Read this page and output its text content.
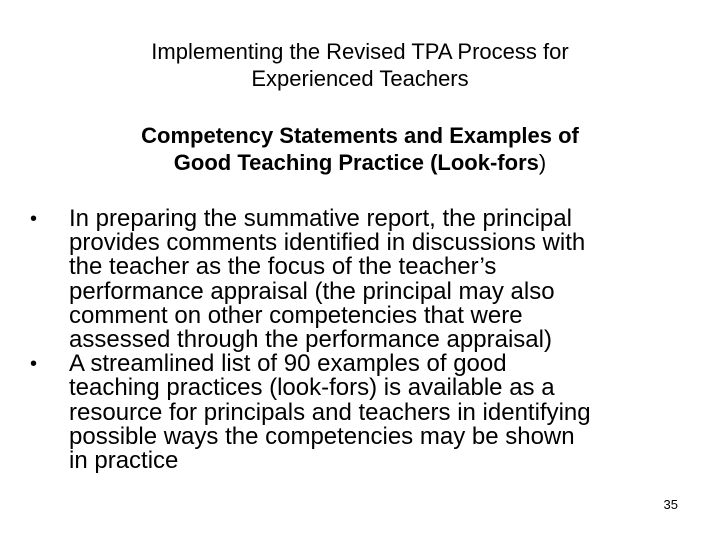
Implementing the Revised TPA Process for
Experienced Teachers
Competency Statements and Examples of
Good Teaching Practice (Look-fors)
• In preparing the summative report, the principal
provides comments identified in discussions with
the teacher as the focus of the teacher’s
performance appraisal (the principal may also
comment on other competencies that were
assessed through the performance appraisal)
• A streamlined list of 90 examples of good
teaching practices (look-fors) is available as a
resource for principals and teachers in identifying
possible ways the competencies may be shown
in practice
35
